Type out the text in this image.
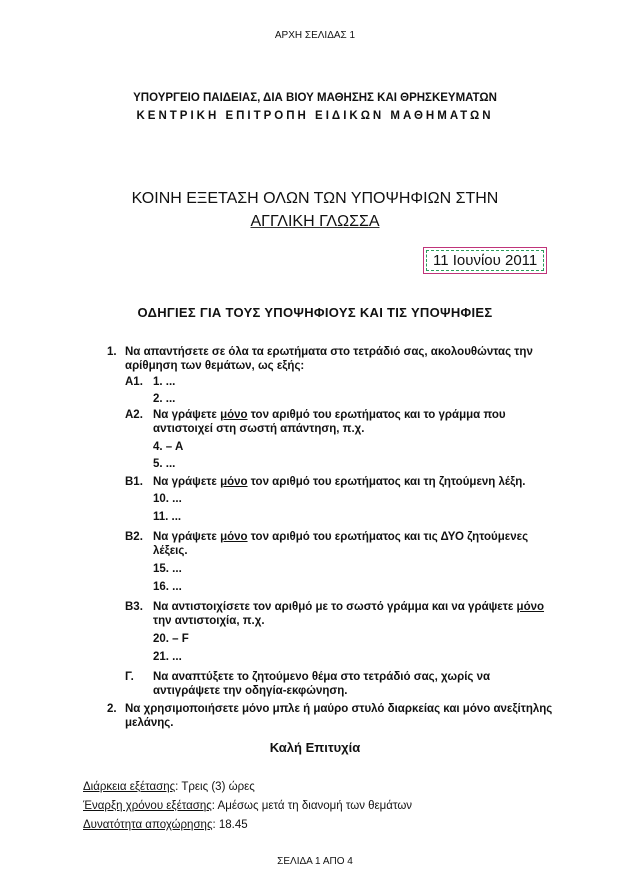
ΑΡΧΗ ΣΕΛΙΔΑΣ 1
ΥΠΟΥΡΓΕΙΟ ΠΑΙΔΕΙΑΣ, ΔΙΑ ΒΙΟΥ ΜΑΘΗΣΗΣ ΚΑΙ ΘΡΗΣΚΕΥΜΑΤΩΝ
ΚΕΝΤΡΙΚΗ ΕΠΙΤΡΟΠΗ ΕΙΔΙΚΩΝ ΜΑΘΗΜΑΤΩΝ
ΚΟΙΝΗ ΕΞΕΤΑΣΗ ΟΛΩΝ ΤΩΝ ΥΠΟΨΗΦΙΩΝ ΣΤΗΝ
ΑΓΓΛΙΚΗ ΓΛΩΣΣΑ
11 Ιουνίου 2011
ΟΔΗΓΙΕΣ ΓΙΑ ΤΟΥΣ ΥΠΟΨΗΦΙΟΥΣ ΚΑΙ ΤΙΣ ΥΠΟΨΗΦΙΕΣ
1. Να απαντήσετε σε όλα τα ερωτήματα στο τετράδιό σας, ακολουθώντας την
αρίθμηση των θεμάτων, ως εξής:
Α1. 1. ...
2. ...
Α2. Να γράψετε μόνο τον αριθμό του ερωτήματος και το γράμμα που
αντιστοιχεί στη σωστή απάντηση, π.χ.
4. – Α
5. ...
Β1. Να γράψετε μόνο τον αριθμό του ερωτήματος και τη ζητούμενη λέξη.
10. ...
11. ...
Β2. Να γράψετε μόνο τον αριθμό του ερωτήματος και τις ΔΥΟ ζητούμενες
λέξεις.
15. ...
16. ...
Β3. Να αντιστοιχίσετε τον αριθμό με το σωστό γράμμα και να γράψετε μόνο
την αντιστοιχία, π.χ.
20. – F
21. ...
Γ. Να αναπτύξετε το ζητούμενο θέμα στο τετράδιό σας, χωρίς να
αντιγράψετε την οδηγία-εκφώνηση.
2. Να χρησιμοποιήσετε μόνο μπλε ή μαύρο στυλό διαρκείας και μόνο ανεξίτηλης
μελάνης.
Καλή Επιτυχία
Διάρκεια εξέτασης: Τρεις (3) ώρες
Έναρξη χρόνου εξέτασης: Αμέσως μετά τη διανομή των θεμάτων
Δυνατότητα αποχώρησης: 18.45
ΣΕΛΙΔΑ 1 ΑΠΟ 4
